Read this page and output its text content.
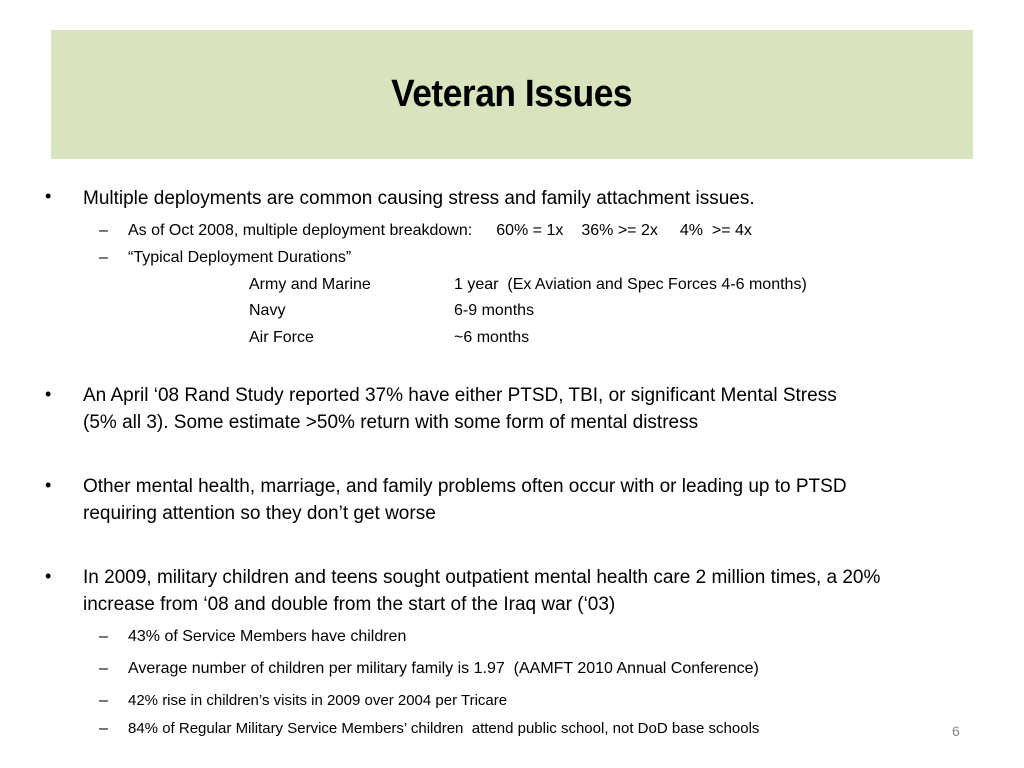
Veteran Issues
• Multiple deployments are common causing stress and family attachment issues.
– As of Oct 2008, multiple deployment breakdown: 60% = 1x 36% >= 2x 4%  >= 4x
– “Typical Deployment Durations”
Army and Marine	1 year  (Ex Aviation and Spec Forces 4-6 months)
Navy	6-9 months
Air Force	~6 months
• An April ‘08 Rand Study reported 37% have either PTSD, TBI, or significant Mental Stress
(5% all 3). Some estimate >50% return with some form of mental distress
• Other mental health, marriage, and family problems often occur with or leading up to PTSD
requiring attention so they don’t get worse
• In 2009, military children and teens sought outpatient mental health care 2 million times, a 20%
increase from ‘08 and double from the start of the Iraq war (‘03)
– 43% of Service Members have children
– Average number of children per military family is 1.97  (AAMFT 2010 Annual Conference)
– 42% rise in children’s visits in 2009 over 2004 per Tricare
– 84% of Regular Military Service Members’ children  attend public school, not DoD base schools	6
